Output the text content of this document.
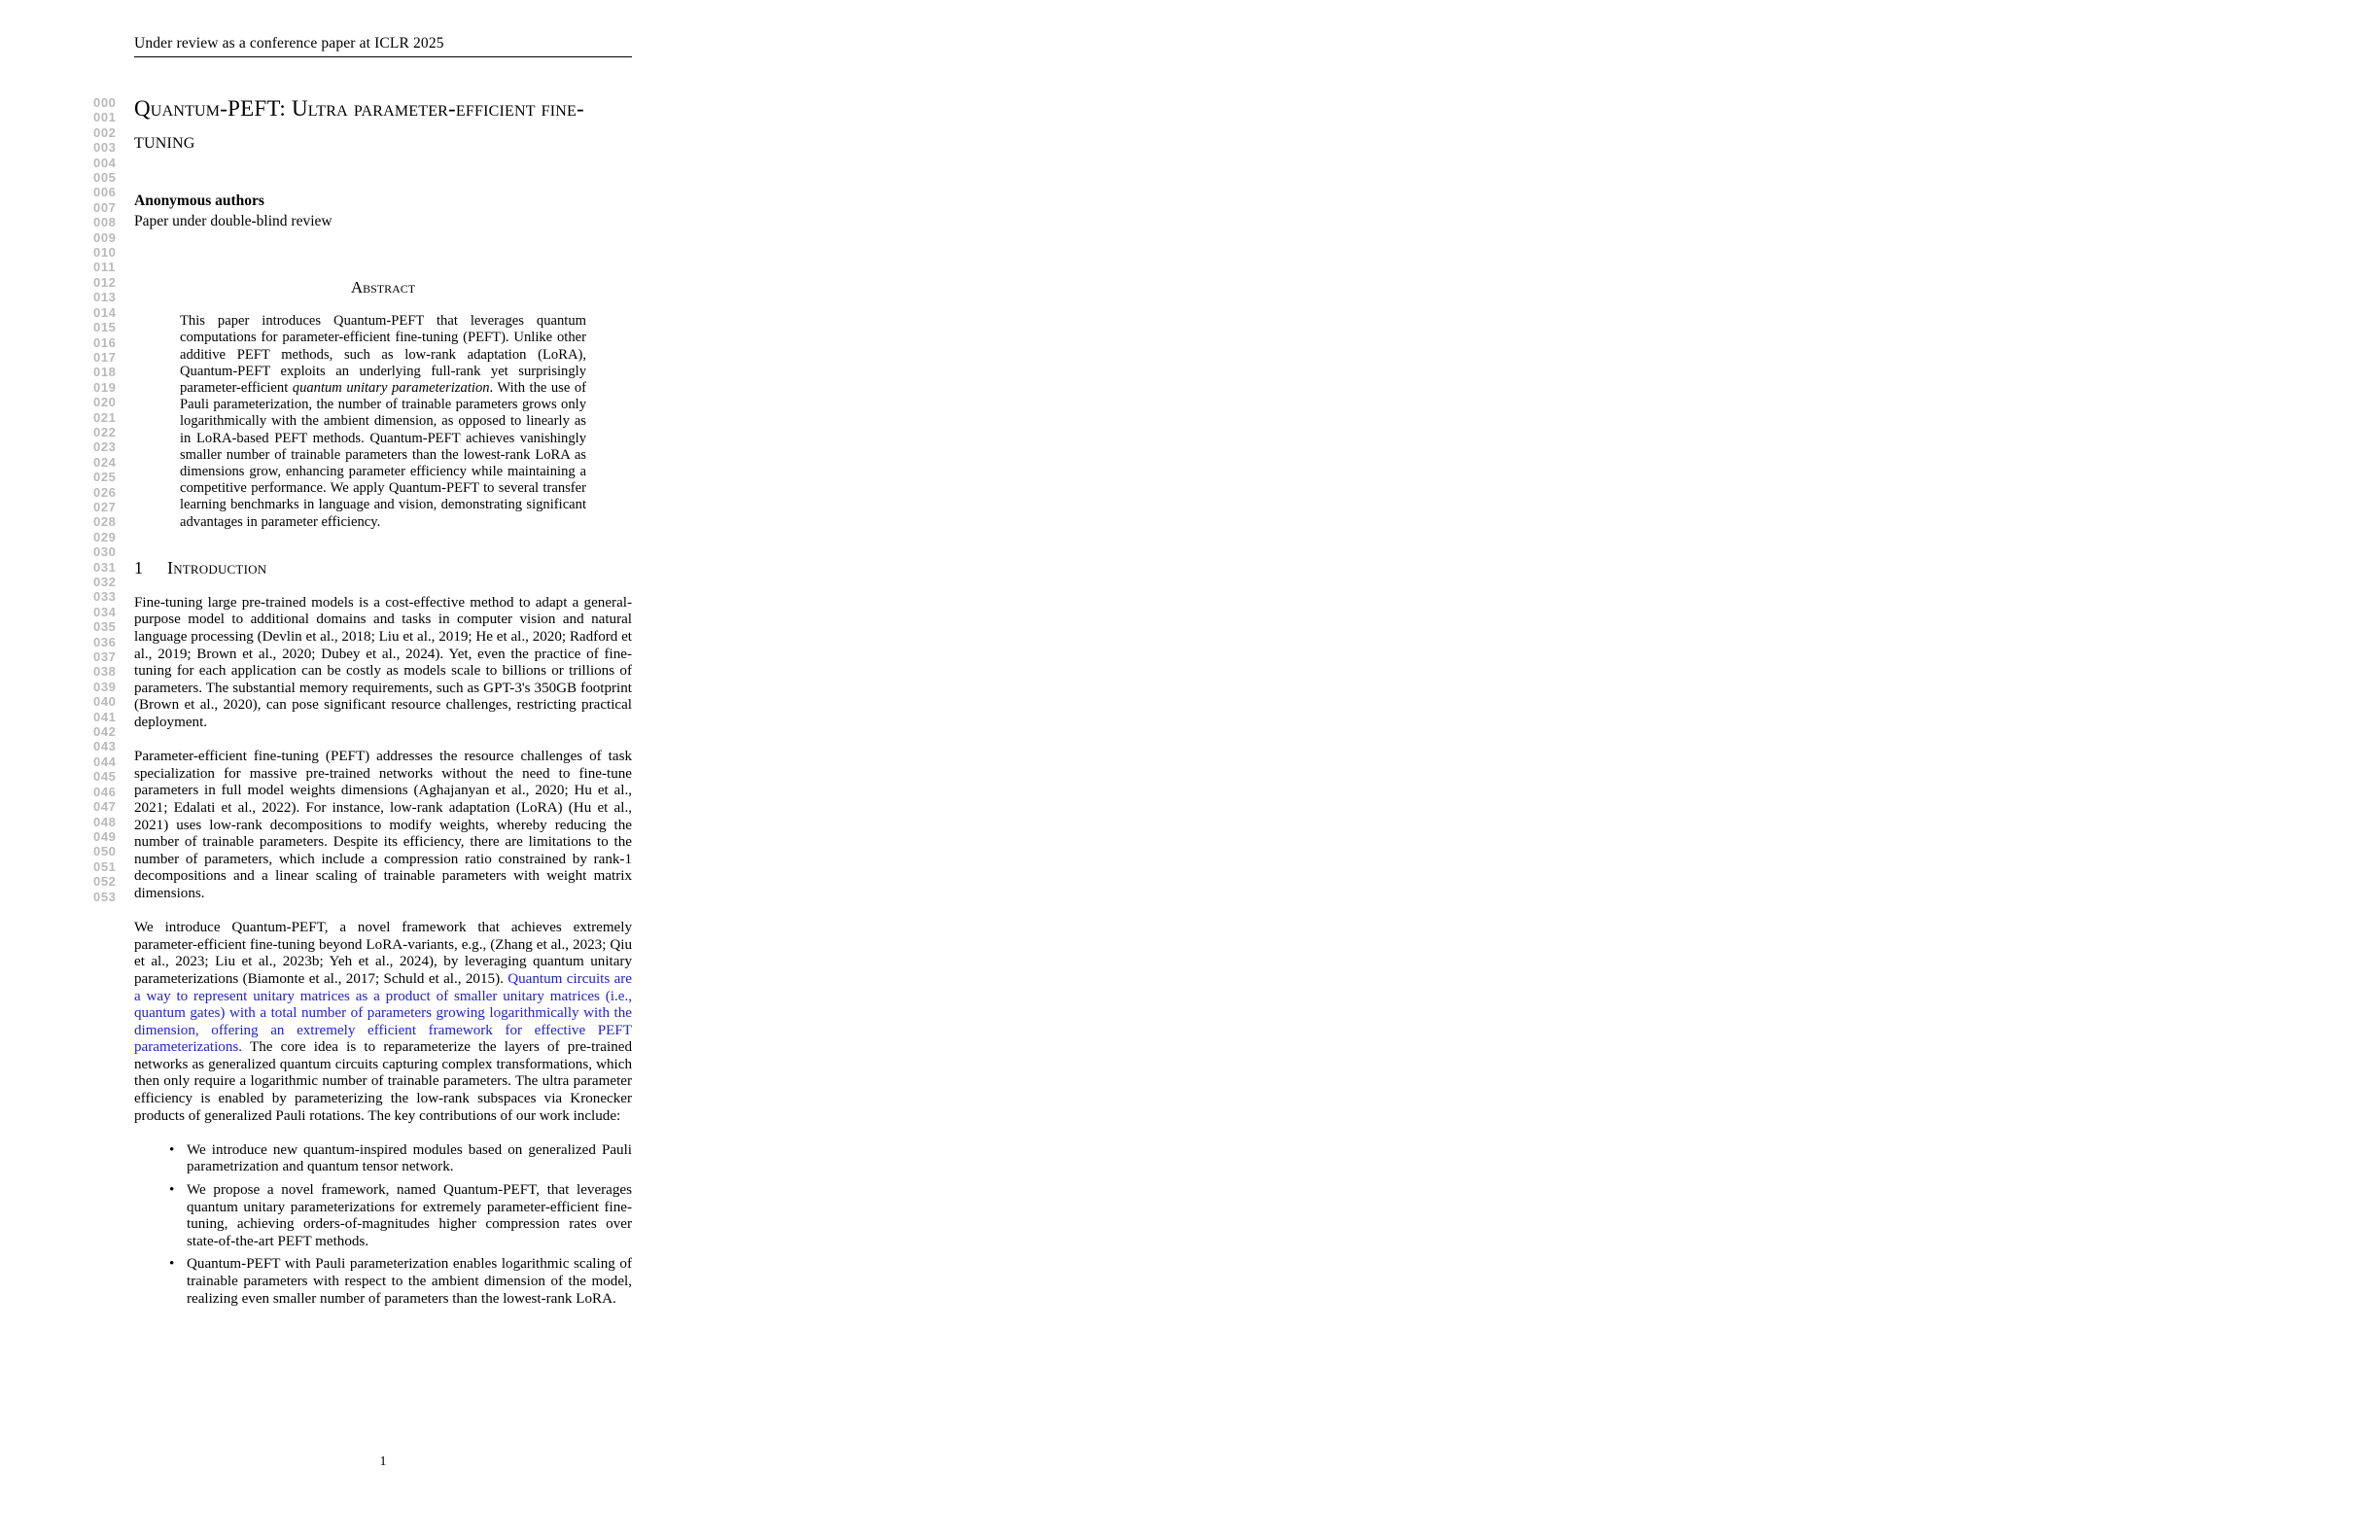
Under review as a conference paper at ICLR 2025
000
001
002
003
004
005
006
007
008
009
010
011
012
013
014
015
016
017
018
019
020
021
022
023
024
025
026
027
028
029
030
031
032
033
034
035
036
037
038
039
040
041
042
043
044
045
046
047
048
049
050
051
052
053
Quantum-PEFT: Ultra parameter-efficient fine-tuning
Anonymous authors
Paper under double-blind review
Abstract

This paper introduces Quantum-PEFT that leverages quantum computations for parameter-efficient fine-tuning (PEFT). Unlike other additive PEFT methods, such as low-rank adaptation (LoRA), Quantum-PEFT exploits an underlying full-rank yet surprisingly parameter-efficient quantum unitary parameterization. With the use of Pauli parameterization, the number of trainable parameters grows only logarithmically with the ambient dimension, as opposed to linearly as in LoRA-based PEFT methods. Quantum-PEFT achieves vanishingly smaller number of trainable parameters than the lowest-rank LoRA as dimensions grow, enhancing parameter efficiency while maintaining a competitive performance. We apply Quantum-PEFT to several transfer learning benchmarks in language and vision, demonstrating significant advantages in parameter efficiency.

1 Introduction

Fine-tuning large pre-trained models is a cost-effective method to adapt a general-purpose model to additional domains and tasks in computer vision and natural language processing (Devlin et al., 2018; Liu et al., 2019; He et al., 2020; Radford et al., 2019; Brown et al., 2020; Dubey et al., 2024). Yet, even the practice of fine-tuning for each application can be costly as models scale to billions or trillions of parameters. The substantial memory requirements, such as GPT-3's 350GB footprint (Brown et al., 2020), can pose significant resource challenges, restricting practical deployment.

Parameter-efficient fine-tuning (PEFT) addresses the resource challenges of task specialization for massive pre-trained networks without the need to fine-tune parameters in full model weights dimensions (Aghajanyan et al., 2020; Hu et al., 2021; Edalati et al., 2022). For instance, low-rank adaptation (LoRA) (Hu et al., 2021) uses low-rank decompositions to modify weights, whereby reducing the number of trainable parameters. Despite its efficiency, there are limitations to the number of parameters, which include a compression ratio constrained by rank-1 decompositions and a linear scaling of trainable parameters with weight matrix dimensions.

We introduce Quantum-PEFT, a novel framework that achieves extremely parameter-efficient fine-tuning beyond LoRA-variants, e.g., (Zhang et al., 2023; Qiu et al., 2023; Liu et al., 2023b; Yeh et al., 2024), by leveraging quantum unitary parameterizations (Biamonte et al., 2017; Schuld et al., 2015). Quantum circuits are a way to represent unitary matrices as a product of smaller unitary matrices (i.e., quantum gates) with a total number of parameters growing logarithmically with the dimension, offering an extremely efficient framework for effective PEFT parameterizations. The core idea is to reparameterize the layers of pre-trained networks as generalized quantum circuits capturing complex transformations, which then only require a logarithmic number of trainable parameters. The ultra parameter efficiency is enabled by parameterizing the low-rank subspaces via Kronecker products of generalized Pauli rotations. The key contributions of our work include:

• We introduce new quantum-inspired modules based on generalized Pauli parametrization and quantum tensor network.
• We propose a novel framework, named Quantum-PEFT, that leverages quantum unitary parameterizations for extremely parameter-efficient fine-tuning, achieving orders-of-magnitudes higher compression rates over state-of-the-art PEFT methods.
• Quantum-PEFT with Pauli parameterization enables logarithmic scaling of trainable parameters with respect to the ambient dimension of the model, realizing even smaller number of parameters than the lowest-rank LoRA.
1
